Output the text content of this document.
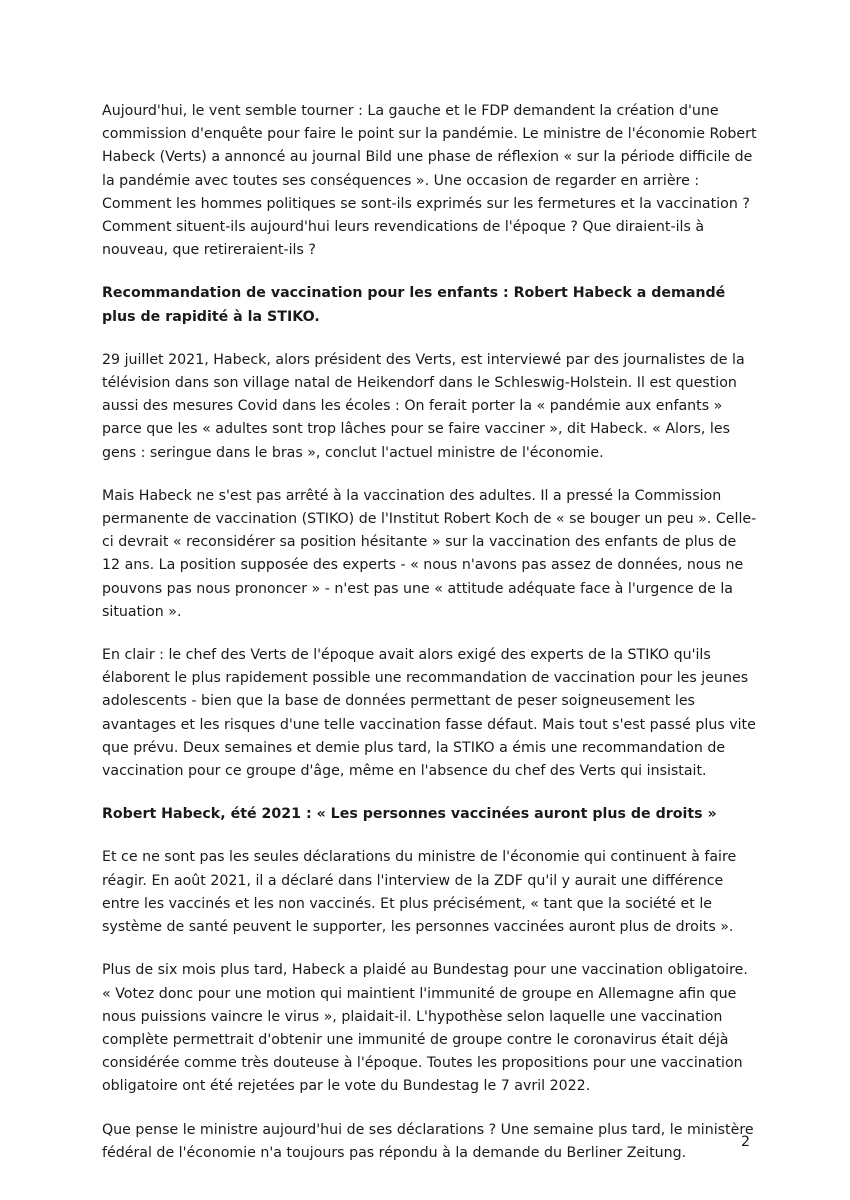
Aujourd'hui, le vent semble tourner : La gauche et le FDP demandent la création d'une commission d'enquête pour faire le point sur la pandémie. Le ministre de l'économie Robert Habeck (Verts) a annoncé au journal Bild une phase de réflexion « sur la période difficile de la pandémie avec toutes ses conséquences ». Une occasion de regarder en arrière : Comment les hommes politiques se sont-ils exprimés sur les fermetures et la vaccination ? Comment situent-ils aujourd'hui leurs revendications de l'époque ? Que diraient-ils à nouveau, que retireraient-ils ?

Recommandation de vaccination pour les enfants : Robert Habeck a demandé plus de rapidité à la STIKO.

29 juillet 2021, Habeck, alors président des Verts, est interviewé par des journalistes de la télévision dans son village natal de Heikendorf dans le Schleswig-Holstein. Il est question aussi des mesures Covid dans les écoles : On ferait porter la « pandémie aux enfants » parce que les « adultes sont trop lâches pour se faire vacciner », dit Habeck. « Alors, les gens : seringue dans le bras », conclut l'actuel ministre de l'économie.

Mais Habeck ne s'est pas arrêté à la vaccination des adultes. Il a pressé la Commission permanente de vaccination (STIKO) de l'Institut Robert Koch de « se bouger un peu ». Celle-ci devrait « reconsidérer sa position hésitante » sur la vaccination des enfants de plus de 12 ans. La position supposée des experts - « nous n'avons pas assez de données, nous ne pouvons pas nous prononcer » - n'est pas une « attitude adéquate face à l'urgence de la situation ».

En clair : le chef des Verts de l'époque avait alors exigé des experts de la STIKO qu'ils élaborent le plus rapidement possible une recommandation de vaccination pour les jeunes adolescents - bien que la base de données permettant de peser soigneusement les avantages et les risques d'une telle vaccination fasse défaut. Mais tout s'est passé plus vite que prévu. Deux semaines et demie plus tard, la STIKO a émis une recommandation de vaccination pour ce groupe d'âge, même en l'absence du chef des Verts qui insistait.

Robert Habeck, été 2021 : « Les personnes vaccinées auront plus de droits »

Et ce ne sont pas les seules déclarations du ministre de l'économie qui continuent à faire réagir. En août 2021, il a déclaré dans l'interview de la ZDF qu'il y aurait une différence entre les vaccinés et les non vaccinés. Et plus précisément, « tant que la société et le système de santé peuvent le supporter, les personnes vaccinées auront plus de droits ».

Plus de six mois plus tard, Habeck a plaidé au Bundestag pour une vaccination obligatoire. « Votez donc pour une motion qui maintient l'immunité de groupe en Allemagne afin que nous puissions vaincre le virus », plaidait-il. L'hypothèse selon laquelle une vaccination complète permettrait d'obtenir une immunité de groupe contre le coronavirus était déjà considérée comme très douteuse à l'époque. Toutes les propositions pour une vaccination obligatoire ont été rejetées par le vote du Bundestag le 7 avril 2022.

Que pense le ministre aujourd'hui de ses déclarations ? Une semaine plus tard, le ministère fédéral de l'économie n'a toujours pas répondu à la demande du Berliner Zeitung.

2
